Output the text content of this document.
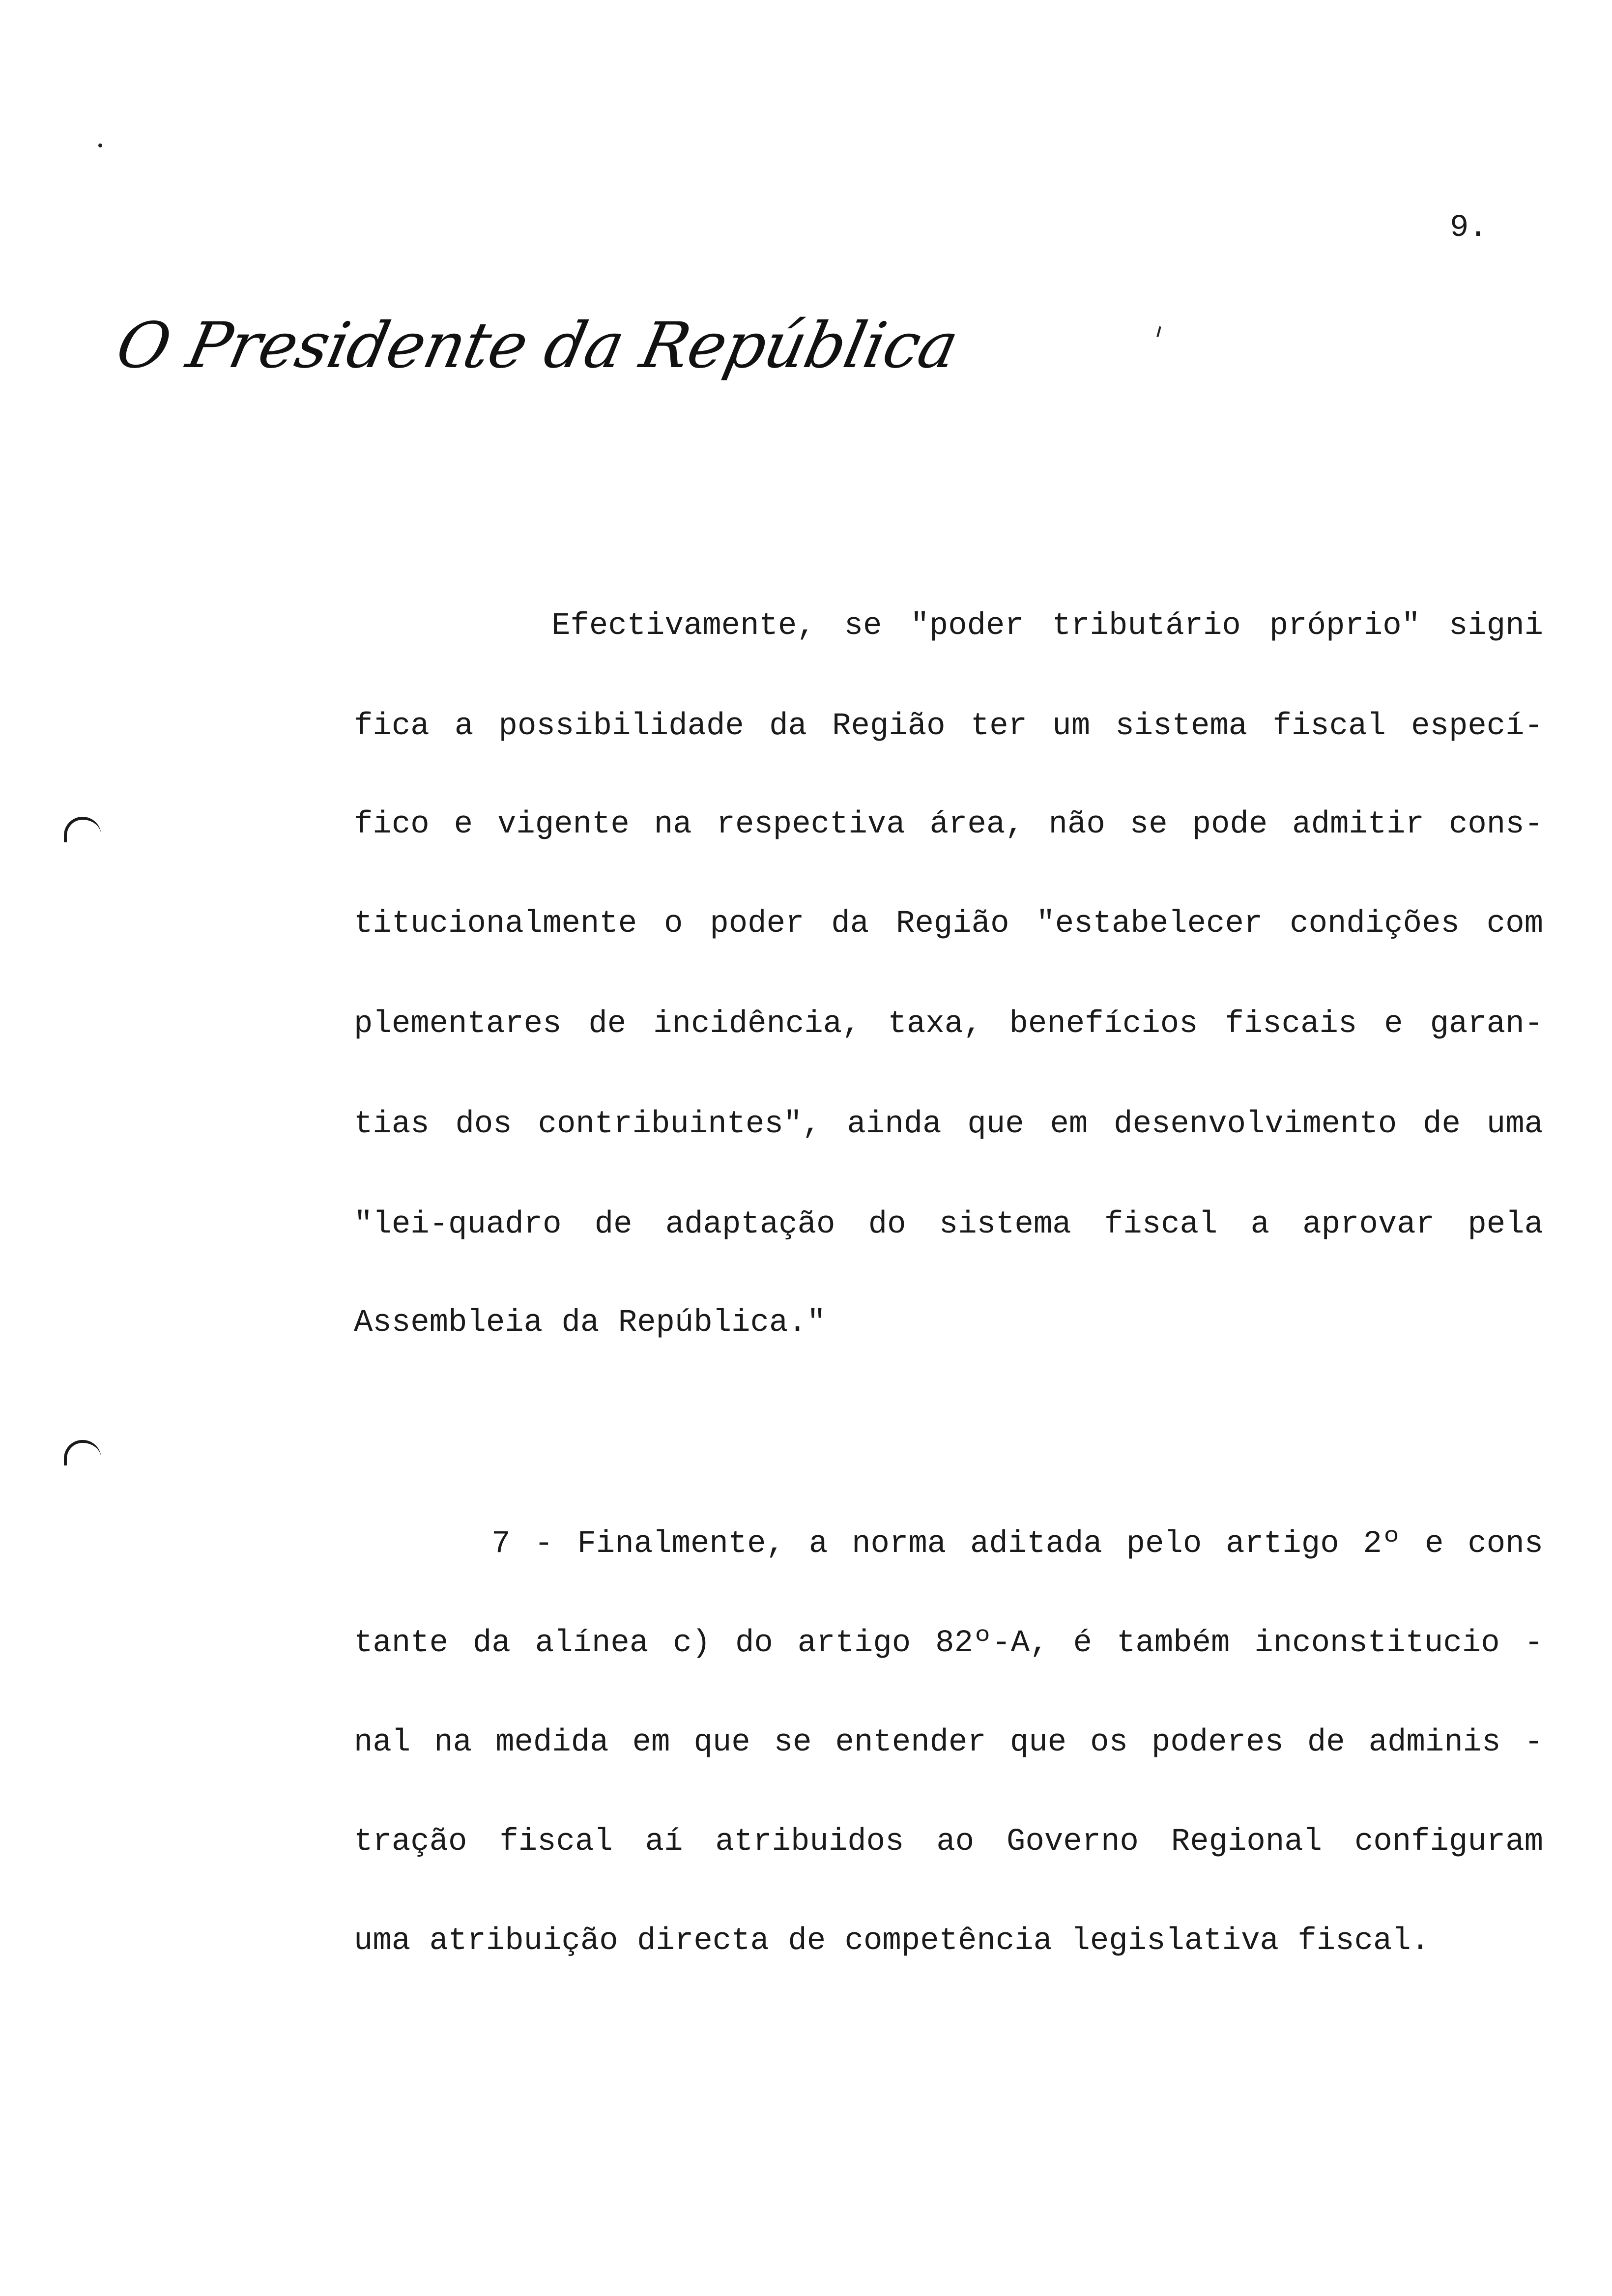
9.
O Presidente da República
Efectivamente, se "poder tributário próprio" signi
fica a possibilidade da Região ter um sistema fiscal especí-
fico e vigente na respectiva área, não se pode admitir cons-
titucionalmente o poder da Região "estabelecer condições com
plementares de incidência, taxa, benefícios fiscais e garan-
tias dos contribuintes", ainda que em desenvolvimento de uma
"lei-quadro de adaptação do sistema fiscal a aprovar pela
Assembleia da República."
7 - Finalmente, a norma aditada pelo artigo 2º e cons
tante da alínea c) do artigo 82º-A, é também inconstitucio -
nal na medida em que se entender que os poderes de adminis -
tração fiscal aí atribuidos ao Governo Regional configuram
uma atribuição directa de competência legislativa fiscal.
